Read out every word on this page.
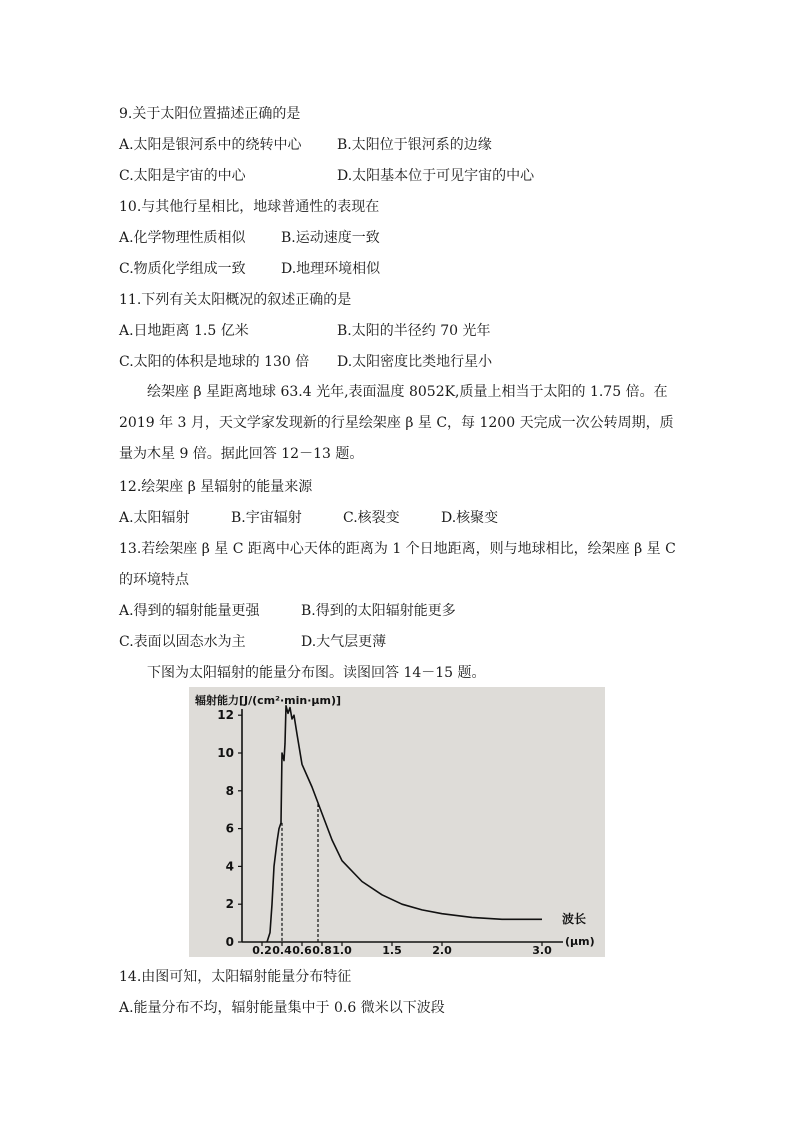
9.关于太阳位置描述正确的是
A.太阳是银河系中的绕转中心	B.太阳位于银河系的边缘
C.太阳是宇宙的中心	D.太阳基本位于可见宇宙的中心
10.与其他行星相比，地球普通性的表现在
A.化学物理性质相似	B.运动速度一致
C.物质化学组成一致	D.地理环境相似
11.下列有关太阳概况的叙述正确的是
A.日地距离 1.5 亿米	B.太阳的半径约 70 光年
C.太阳的体积是地球的 130 倍 D.太阳密度比类地行星小
绘架座 β 星距离地球 63.4 光年,表面温度 8052K,质量上相当于太阳的 1.75 倍。在 2019 年 3 月，天文学家发现新的行星绘架座 β 星 C，每 1200 天完成一次公转周期，质量为木星 9 倍。据此回答 12－13 题。
12.绘架座 β 星辐射的能量来源
A.太阳辐射	B.宇宙辐射	C.核裂变	D.核聚变
13.若绘架座 β 星 C 距离中心天体的距离为 1 个日地距离，则与地球相比，绘架座 β 星 C
的环境特点
A.得到的辐射能量更强	B.得到的太阳辐射能更多
C.表面以固态水为主	D.大气层更薄
下图为太阳辐射的能量分布图。读图回答 14－15 题。
辐射能力[J/(cm²·min·μm)]
0
2
4
6
8
10
12
0.2 0.4 0.6 0.8 1.0	1.5	2.0	3.0
波长
(μm)
14.由图可知，太阳辐射能量分布特征
A.能量分布不均，辐射能量集中于 0.6 微米以下波段
